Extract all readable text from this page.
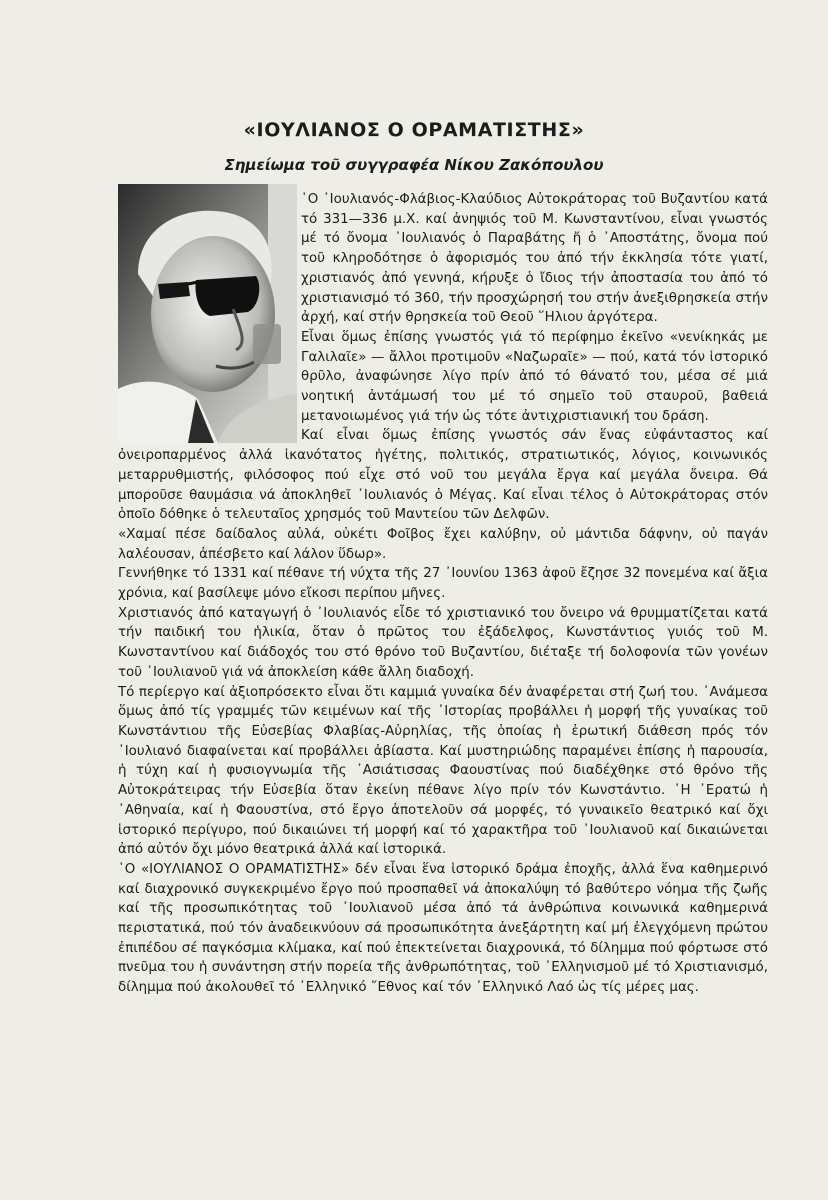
«ΙΟΥΛΙΑΝΟΣ Ο ΟΡΑΜΑΤΙΣΤΗΣ»
Σημείωμα τοῦ συγγραφέα Νίκου Ζακόπουλου

῾Ο ᾿Ιουλιανός-Φλάβιος-Κλαύδιος Αὐτοκράτορας τοῦ Βυζαντίου κατά τό 331—336 μ.Χ. καί ἀνηψιός τοῦ Μ. Κωνσταντίνου, εἶναι γνωστός μέ τό ὄνομα ᾿Ιουλιανός ὁ Παραβάτης ἤ ὁ ᾿Αποστάτης, ὄνομα πού τοῦ κληροδότησε ὁ ἀφορισμός του ἀπό τήν ἐκκλησία τότε γιατί, χριστιανός ἀπό γεννηά, κήρυξε ὁ ἴδιος τήν ἀποστασία του ἀπό τό χριστιανισμό τό 360, τήν προσχώρησή του στήν ἀνεξιθρησκεία στήν ἀρχή, καί στήν θρησκεία τοῦ Θεοῦ ῞Ηλιου ἀργότερα.

Εἶναι ὅμως ἐπίσης γνωστός γιά τό περίφημο ἐκεῖνο «νενίκηκάς με Γαλιλαῖε» — ἄλλοι προτιμοῦν «Ναζωραῖε» — πού, κατά τόν ἱστορικό θρῦλο, ἀναφώνησε λίγο πρίν ἀπό τό θάνατό του, μέσα σέ μιά νοητική ἀντάμωσή του μέ τό σημεῖο τοῦ σταυροῦ, βαθειά μετανοιωμένος γιά τήν ὡς τότε ἀντιχριστιανική του δράση.

Καί εἶναι ὅμως ἐπίσης γνωστός σάν ἕνας εὐφάνταστος καί ὀνειροπαρμένος ἀλλά ἱκανότατος ἡγέτης, πολιτικός, στρατιωτικός, λόγιος, κοινωνικός μεταρρυθμιστής, φιλόσοφος πού εἶχε στό νοῦ του μεγάλα ἔργα καί μεγάλα ὄνειρα. Θά μποροῦσε θαυμάσια νά ἀποκληθεῖ ᾿Ιουλιανός ὁ Μέγας. Καί εἶναι τέλος ὁ Αὐτοκράτορας στόν ὁποῖο δόθηκε ὁ τελευταῖος χρησμός τοῦ Μαντείου τῶν Δελφῶν.

«Χαμαί πέσε δαίδαλος αὐλά, οὐκέτι Φοῖβος ἔχει καλύβην, οὐ μάντιδα δάφνην, οὐ παγάν λαλέουσαν, ἀπέσβετο καί λάλον ὕδωρ».

Γεννήθηκε τό 1331 καί πέθανε τή νύχτα τῆς 27 ᾿Ιουνίου 1363 ἀφοῦ ἔζησε 32 πονεμένα καί ἄξια χρόνια, καί βασίλεψε μόνο εἴκοσι περίπου μῆνες.

Χριστιανός ἀπό καταγωγή ὁ ᾿Ιουλιανός εἶδε τό χριστιανικό του ὄνειρο νά θρυμματίζεται κατά τήν παιδική του ἡλικία, ὅταν ὁ πρῶτος του ἐξάδελφος, Κωνστάντιος γυιός τοῦ Μ. Κωνσταντίνου καί διάδοχός του στό θρόνο τοῦ Βυζαντίου, διέταξε τή δολοφονία τῶν γονέων τοῦ ᾿Ιουλιανοῦ γιά νά ἀποκλείση κάθε ἄλλη διαδοχή.

Τό περίεργο καί ἀξιοπρόσεκτο εἶναι ὅτι καμμιά γυναίκα δέν ἀναφέρεται στή ζωή του. ᾿Ανάμεσα ὅμως ἀπό τίς γραμμές τῶν κειμένων καί τῆς ᾿Ιστορίας προβάλλει ἡ μορφή τῆς γυναίκας τοῦ Κωνστάντιου τῆς Εὐσεβίας Φλαβίας-Αὐρηλίας, τῆς ὁποίας ἡ ἐρωτική διάθεση πρός τόν ᾿Ιουλιανό διαφαίνεται καί προβάλλει ἀβίαστα. Καί μυστηριώδης παραμένει ἐπίσης ἡ παρουσία, ἡ τύχη καί ἡ φυσιογνωμία τῆς ᾿Ασιάτισσας Φαουστίνας πού διαδέχθηκε στό θρόνο τῆς Αὐτοκράτειρας τήν Εὐσεβία ὅταν ἐκείνη πέθανε λίγο πρίν τόν Κωνστάντιο. ῾Η ᾿Ερατώ ἡ ᾿Αθηναία, καί ἡ Φαουστίνα, στό ἔργο ἀποτελοῦν σά μορφές, τό γυναικεῖο θεατρικό καί ὄχι ἱστορικό περίγυρο, πού δικαιώνει τή μορφή καί τό χαρακτῆρα τοῦ ᾿Ιουλιανοῦ καί δικαιώνεται ἀπό αὐτόν ὄχι μόνο θεατρικά ἀλλά καί ἱστορικά.

῾Ο «ΙΟΥΛΙΑΝΟΣ Ο ΟΡΑΜΑΤΙΣΤΗΣ» δέν εἶναι ἕνα ἱστορικό δράμα ἐποχῆς, ἀλλά ἕνα καθημερινό καί διαχρονικό συγκεκριμένο ἔργο πού προσπαθεῖ νά ἀποκαλύψη τό βαθύτερο νόημα τῆς ζωῆς καί τῆς προσωπικότητας τοῦ ᾿Ιουλιανοῦ μέσα ἀπό τά ἀνθρώπινα κοινωνικά καθημερινά περιστατικά, πού τόν ἀναδεικνύουν σά προσωπικότητα ἀνεξάρτητη καί μή ἐλεγχόμενη πρώτου ἐπιπέδου σέ παγκόσμια κλίμακα, καί πού ἐπεκτείνεται διαχρονικά, τό δίλημμα πού φόρτωσε στό πνεῦμα του ἡ συνάντηση στήν πορεία τῆς ἀνθρωπότητας, τοῦ ᾿Ελληνισμοῦ μέ τό Χριστιανισμό, δίλημμα πού ἀκολουθεῖ τό ᾿Ελληνικό ῎Εθνος καί τόν ᾿Ελληνικό Λαό ὡς τίς μέρες μας.
